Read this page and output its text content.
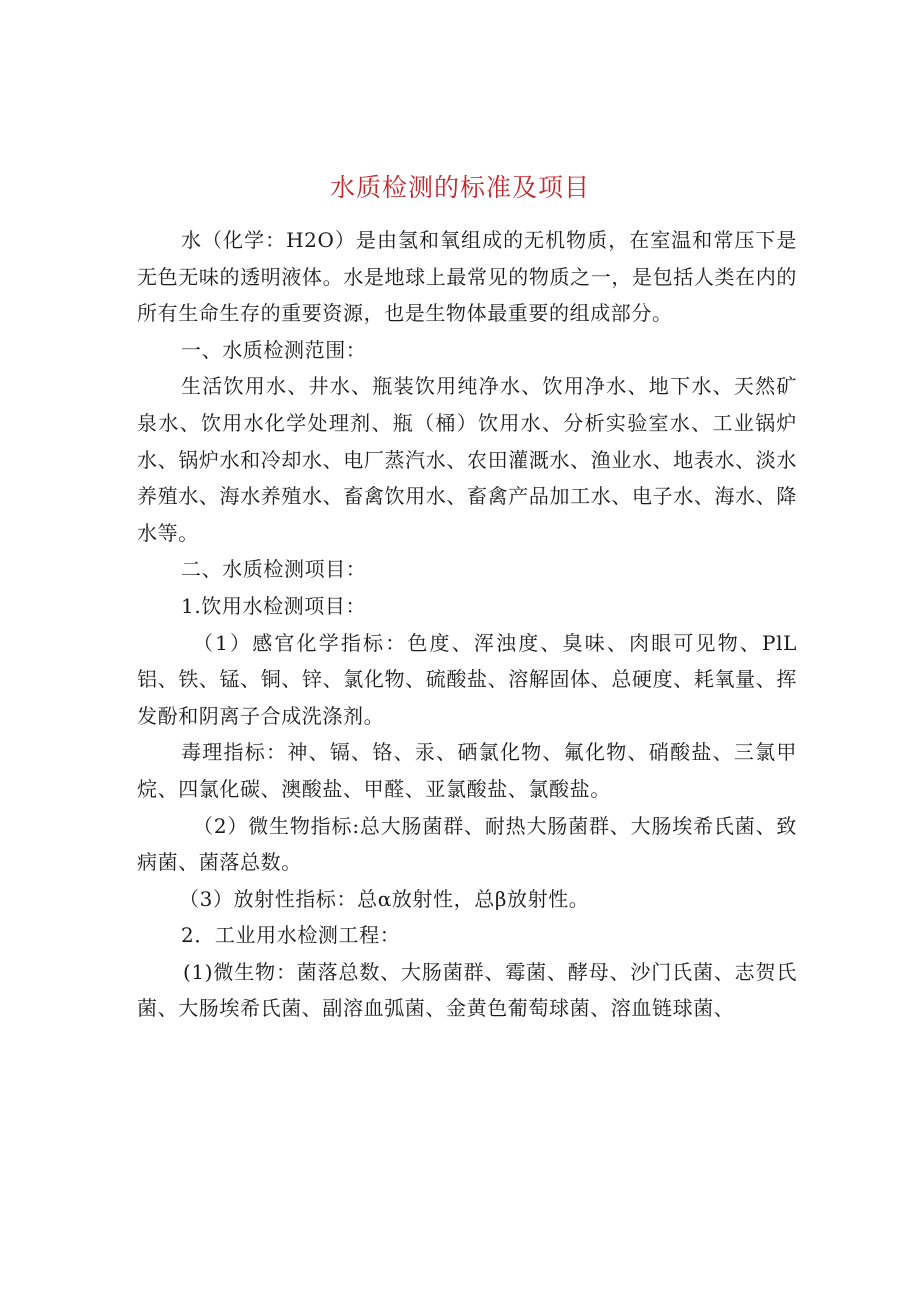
水质检测的标准及项目

水（化学：H2O）是由氢和氧组成的无机物质，在室温和常压下是无色无味的透明液体。水是地球上最常见的物质之一，是包括人类在内的所有生命生存的重要资源，也是生物体最重要的组成部分。

一、水质检测范围：

生活饮用水、井水、瓶装饮用纯净水、饮用净水、地下水、天然矿泉水、饮用水化学处理剂、瓶（桶）饮用水、分析实验室水、工业锅炉水、锅炉水和冷却水、电厂蒸汽水、农田灌溉水、渔业水、地表水、淡水养殖水、海水养殖水、畜禽饮用水、畜禽产品加工水、电子水、海水、降水等。

二、水质检测项目：

1.饮用水检测项目：

（1）感官化学指标：色度、浑浊度、臭味、肉眼可见物、PlL铝、铁、锰、铜、锌、氯化物、硫酸盐、溶解固体、总硬度、耗氧量、挥发酚和阴离子合成洗涤剂。

毒理指标：神、镉、铬、汞、硒氯化物、氟化物、硝酸盐、三氯甲烷、四氯化碳、澳酸盐、甲醛、亚氯酸盐、氯酸盐。

（2）微生物指标:总大肠菌群、耐热大肠菌群、大肠埃希氏菌、致病菌、菌落总数。

（3）放射性指标：总α放射性，总β放射性。

2．工业用水检测工程：

(1)微生物：菌落总数、大肠菌群、霉菌、酵母、沙门氏菌、志贺氏菌、大肠埃希氏菌、副溶血弧菌、金黄色葡萄球菌、溶血链球菌、
